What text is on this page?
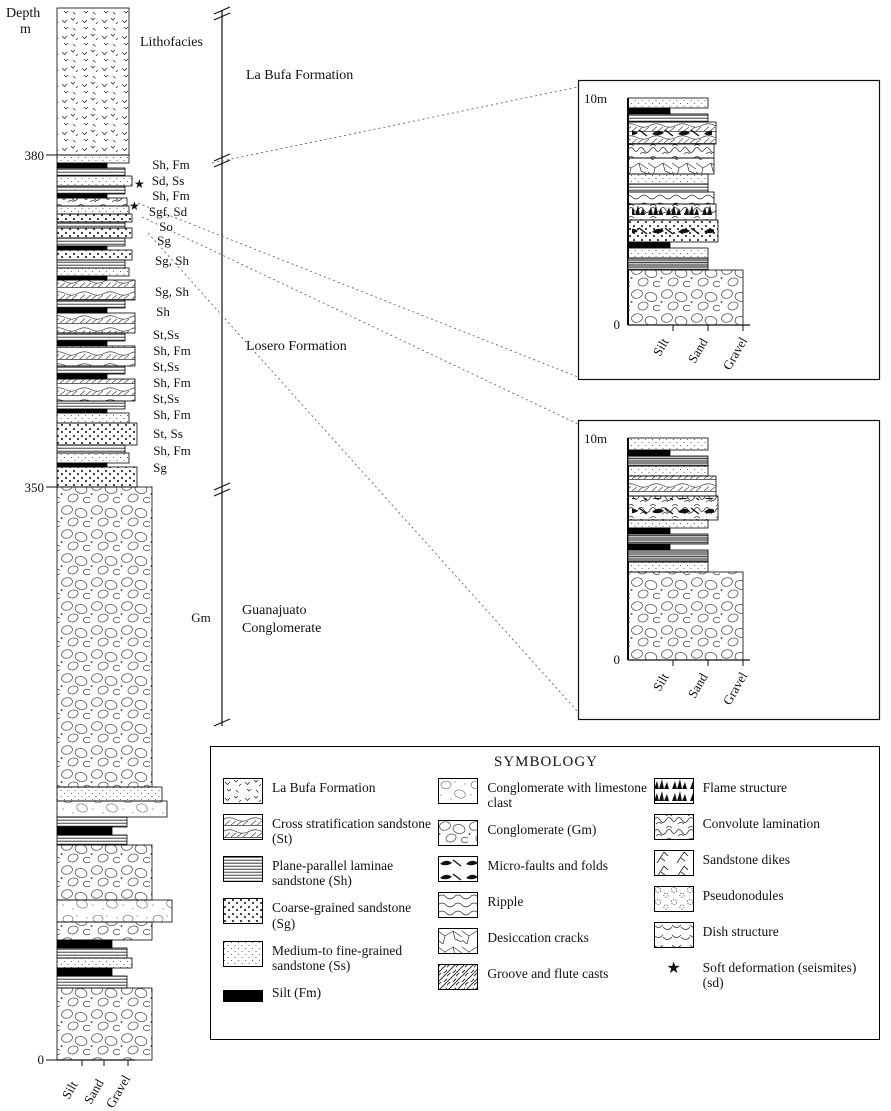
Depth
m
380
350
0
Silt Sand
Gravel
Lithofacies
Sh, Fm
Sd, Ss
Sh, Fm
Sgf, Sd
So
Sg
Sg, Sh
Sg, Sh
Sh
St,Ss
Sh, Fm
St,Ss
Sh, Fm
St,Ss
Sh, Fm
St, Ss
Sh, Fm
Sg
Gm
★
★
La Bufa Formation
Losero Formation
Guanajuato
Conglomerate
10m
0
Silt Sand Gravel
10m
0
Silt Sand Gravel
SYMBOLOGY
La Bufa Formation
Cross stratification sandstone (St)
Plane-parallel laminae sandstone (Sh)
Coarse-grained sandstone (Sg)
Medium-to fine-grained sandstone (Ss)
Silt (Fm)
Conglomerate with limestone clast
Conglomerate (Gm)
Micro-faults and folds
Ripple
Desiccation cracks
Groove and flute casts
Flame structure
Convolute lamination
Sandstone dikes
Pseudonodules
Dish structure
★	Soft deformation (seismites) (sd)
